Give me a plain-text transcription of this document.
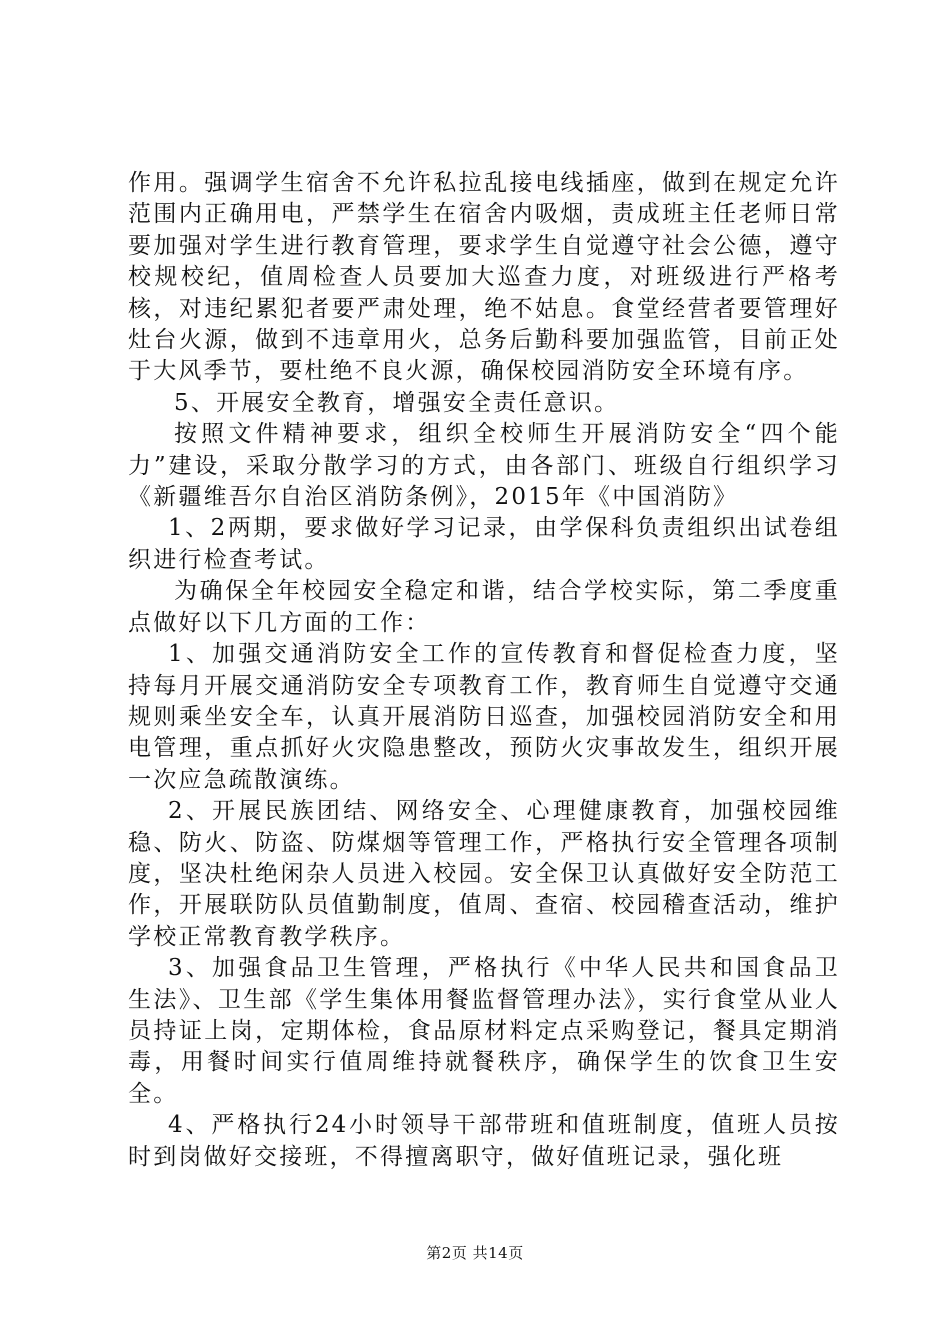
作用。强调学生宿舍不允许私拉乱接电线插座，做到在规定允许范围内正确用电，严禁学生在宿舍内吸烟，责成班主任老师日常要加强对学生进行教育管理，要求学生自觉遵守社会公德，遵守校规校纪，值周检查人员要加大巡查力度，对班级进行严格考核，对违纪累犯者要严肃处理，绝不姑息。食堂经营者要管理好灶台火源，做到不违章用火，总务后勤科要加强监管，目前正处于大风季节，要杜绝不良火源，确保校园消防安全环境有序。

5、开展安全教育，增强安全责任意识。

按照文件精神要求，组织全校师生开展消防安全“四个能力”建设，采取分散学习的方式，由各部门、班级自行组织学习《新疆维吾尔自治区消防条例》，2015年《中国消防》

1、2两期，要求做好学习记录，由学保科负责组织出试卷组织进行检查考试。

为确保全年校园安全稳定和谐，结合学校实际，第二季度重点做好以下几方面的工作：

1、加强交通消防安全工作的宣传教育和督促检查力度，坚持每月开展交通消防安全专项教育工作，教育师生自觉遵守交通规则乘坐安全车，认真开展消防日巡查，加强校园消防安全和用电管理，重点抓好火灾隐患整改，预防火灾事故发生，组织开展一次应急疏散演练。

2、开展民族团结、网络安全、心理健康教育，加强校园维稳、防火、防盗、防煤烟等管理工作，严格执行安全管理各项制度，坚决杜绝闲杂人员进入校园。安全保卫认真做好安全防范工作，开展联防队员值勤制度，值周、查宿、校园稽查活动，维护学校正常教育教学秩序。

3、加强食品卫生管理，严格执行《中华人民共和国食品卫生法》、卫生部《学生集体用餐监督管理办法》，实行食堂从业人员持证上岗，定期体检，食品原材料定点采购登记，餐具定期消毒，用餐时间实行值周维持就餐秩序，确保学生的饮食卫生安全。

4、严格执行24小时领导干部带班和值班制度，值班人员按时到岗做好交接班，不得擅离职守，做好值班记录，强化班

第2页 共14页
